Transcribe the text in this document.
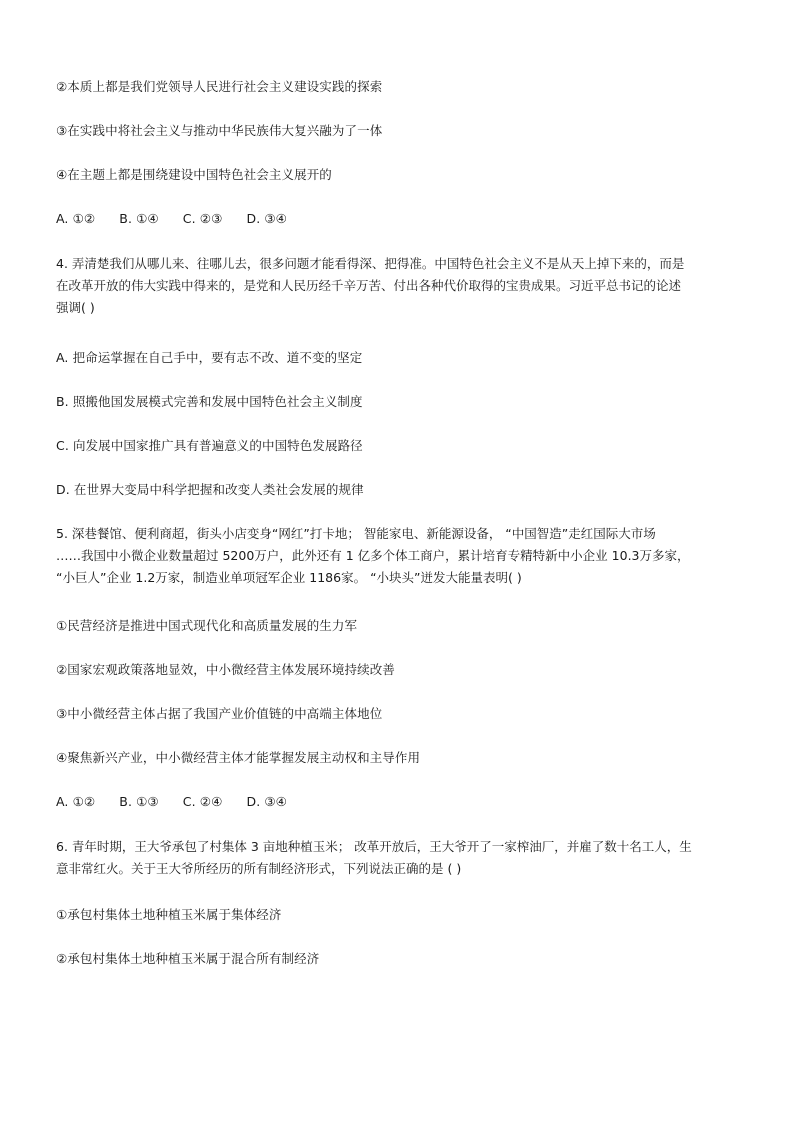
②本质上都是我们党领导人民进行社会主义建设实践的探索
③在实践中将社会主义与推动中华民族伟大复兴融为了一体
④在主题上都是围绕建设中国特色社会主义展开的
A. ①② B. ①④ C. ②③ D. ③④
4. 弄清楚我们从哪儿来、往哪儿去，很多问题才能看得深、把得准。中国特色社会主义不是从天上掉下来的，而是
在改革开放的伟大实践中得来的，是党和人民历经千辛万苦、付出各种代价取得的宝贵成果。习近平总书记的论述
强调( )
A. 把命运掌握在自己手中，要有志不改、道不变的坚定
B. 照搬他国发展模式完善和发展中国特色社会主义制度
C. 向发展中国家推广具有普遍意义的中国特色发展路径
D. 在世界大变局中科学把握和改变人类社会发展的规律
5. 深巷餐馆、便利商超，街头小店变身“网红”打卡地； 智能家电、新能源设备， “中国智造”走红国际大市场
……我国中小微企业数量超过 5200万户，此外还有 1 亿多个体工商户，累计培育专精特新中小企业 10.3万多家，
“小巨人”企业 1.2万家，制造业单项冠军企业 1186家。 “小块头”迸发大能量表明( )
①民营经济是推进中国式现代化和高质量发展的生力军
②国家宏观政策落地显效，中小微经营主体发展环境持续改善
③中小微经营主体占据了我国产业价值链的中高端主体地位
④聚焦新兴产业，中小微经营主体才能掌握发展主动权和主导作用
A. ①② B. ①③ C. ②④ D. ③④
6. 青年时期，王大爷承包了村集体 3 亩地种植玉米； 改革开放后，王大爷开了一家榨油厂，并雇了数十名工人，生
意非常红火。关于王大爷所经历的所有制经济形式，下列说法正确的是 ( )
①承包村集体土地种植玉米属于集体经济
②承包村集体土地种植玉米属于混合所有制经济
